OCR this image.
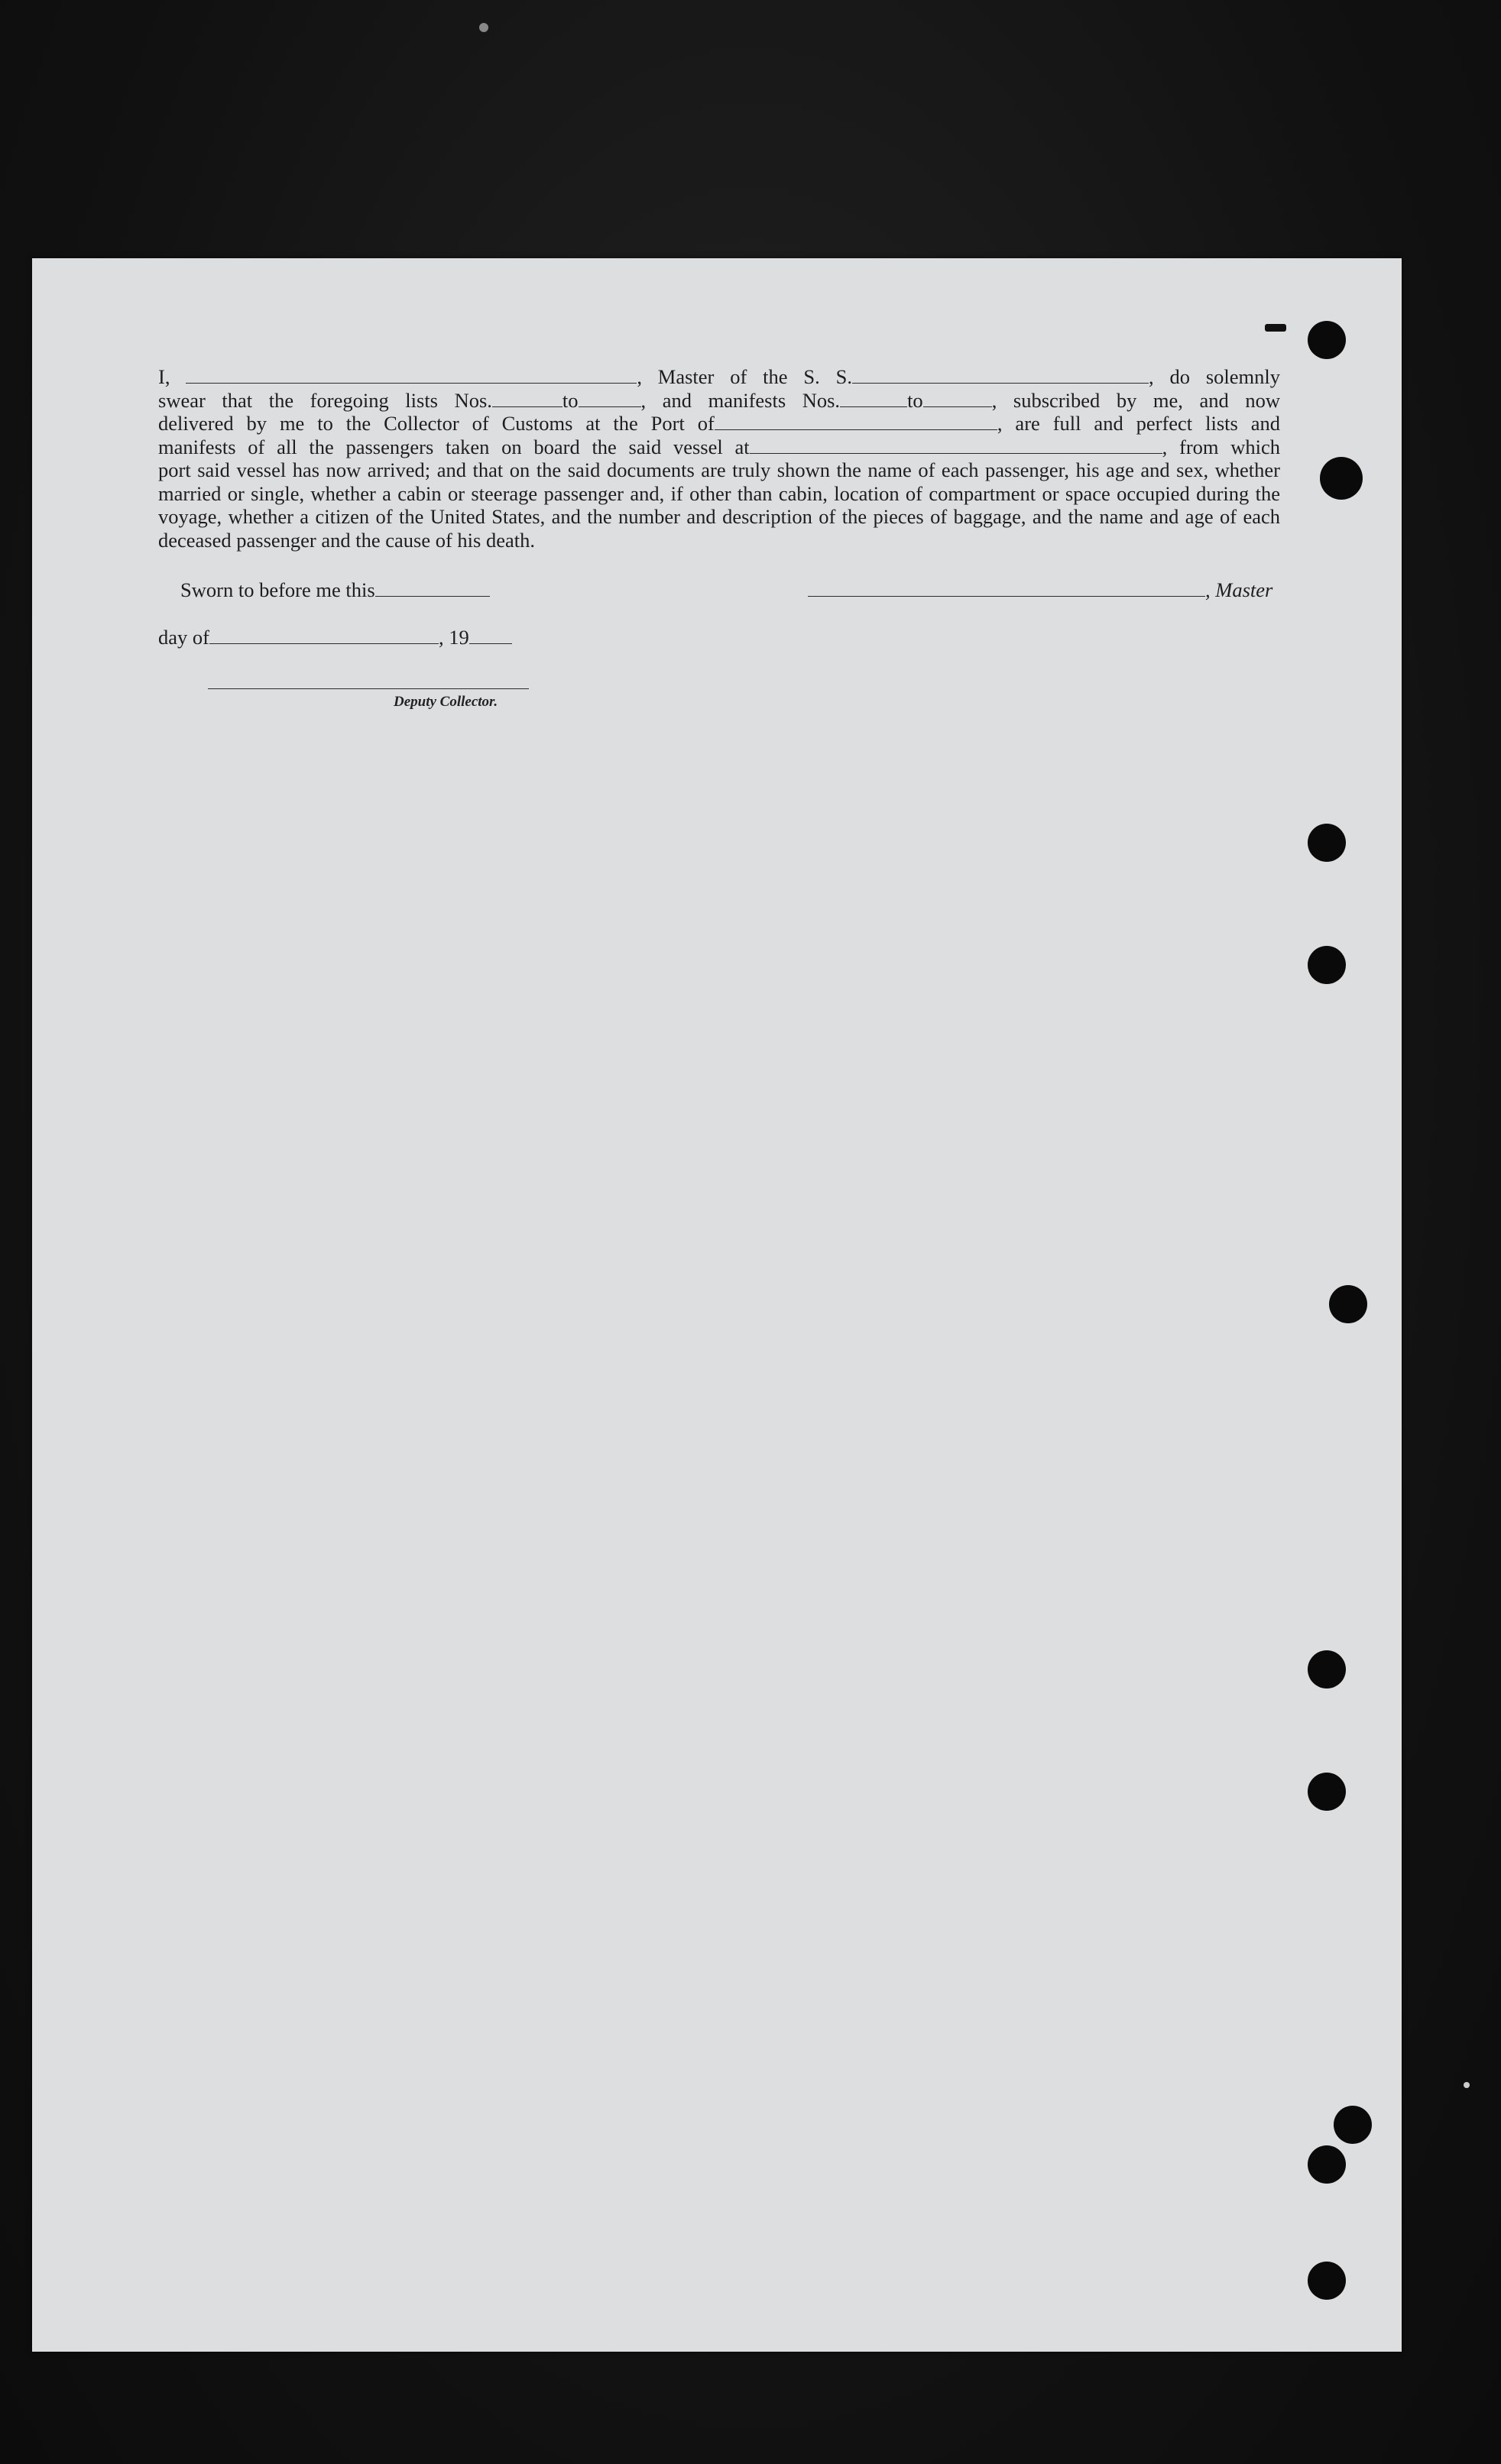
I,	, Master of the S. S.	, do solemnly

swear that the foregoing lists Nos.	to	, and manifests Nos.	to	, subscribed by me, and now

delivered by me to the Collector of Customs at the Port of	, are full and perfect lists and

manifests of all the passengers taken on board the said vessel at	, from which

port said vessel has now arrived; and that on the said documents are truly shown the name of each passenger, his age and sex, whether married or single, whether a cabin or steerage passenger and, if other than cabin, location of compartment or space occupied during the voyage, whether a citizen of the United States, and the number and description of the pieces of baggage, and the name and age of each deceased passenger and the cause of his death.

Sworn to before me this	, Master
day of	, 19
Deputy Collector.
